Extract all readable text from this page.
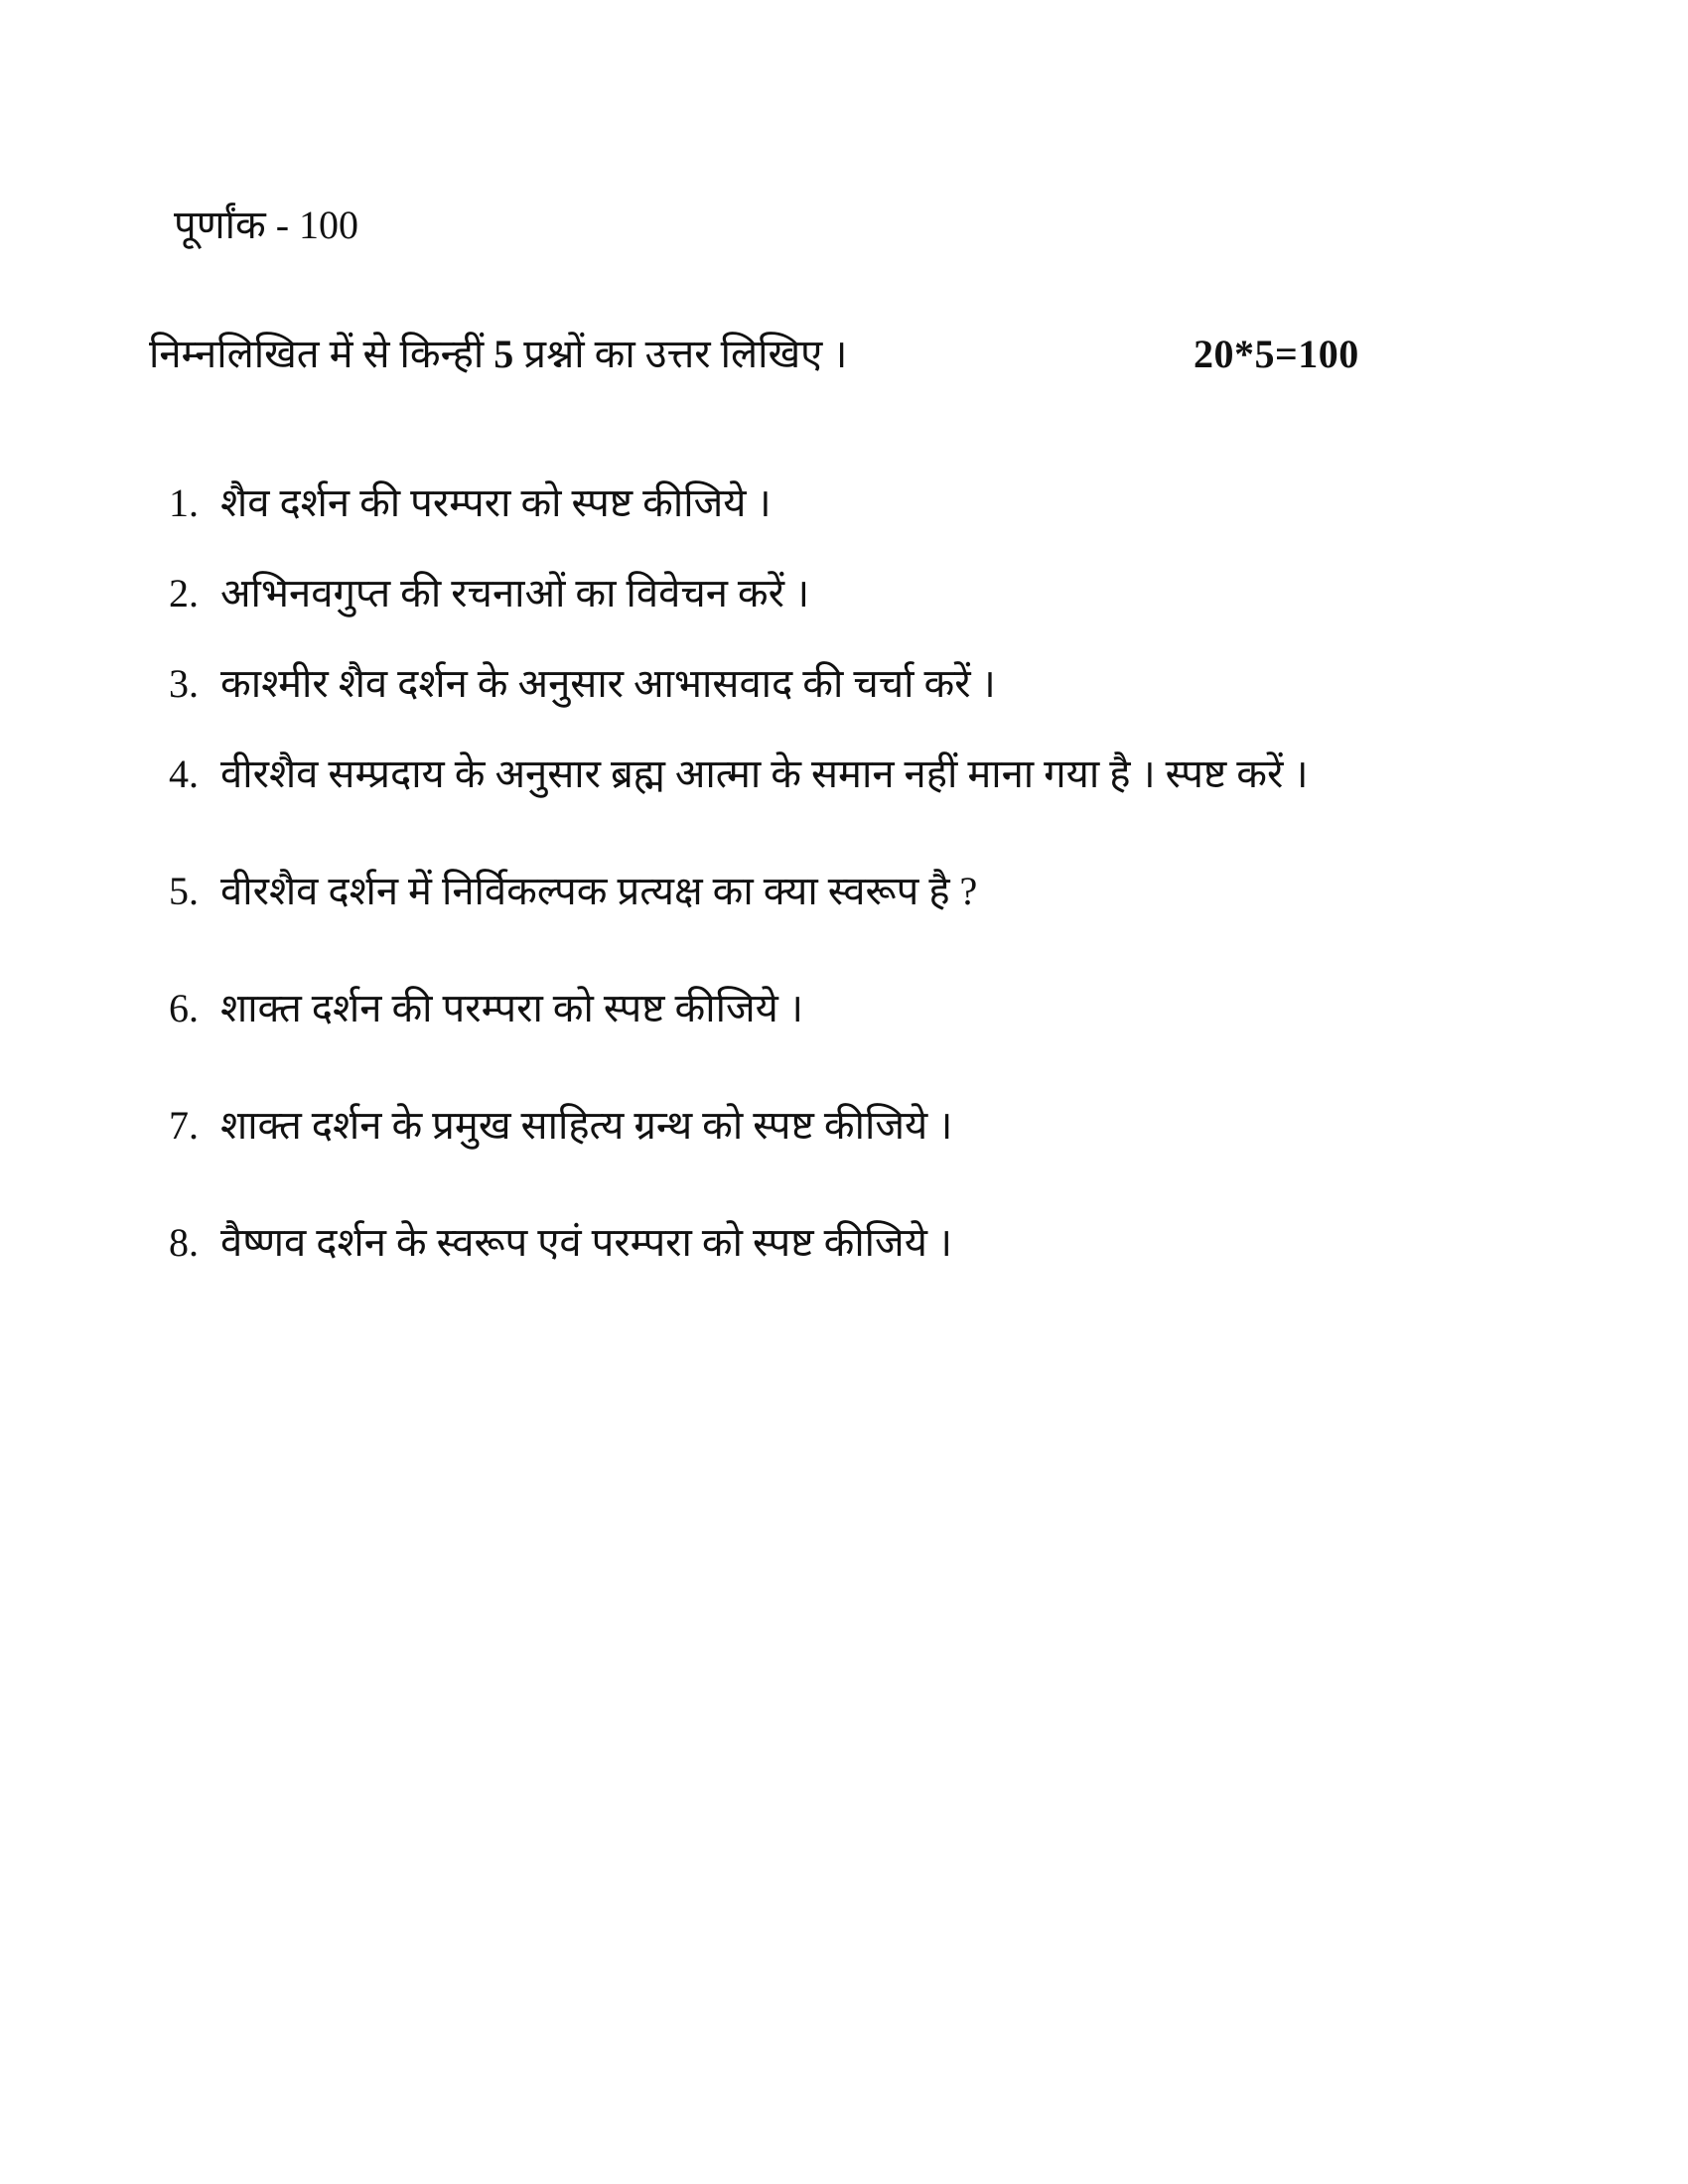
पूर्णांक - 100
निम्नलिखित में से किन्हीं 5 प्रश्नों का उत्तर लिखिए ।	20*5=100
1. शैव दर्शन की परम्परा को स्पष्ट कीजिये ।
2. अभिनवगुप्त की रचनाओं का विवेचन करें ।
3. काश्मीर शैव दर्शन के अनुसार आभासवाद की चर्चा करें ।
4. वीरशैव सम्प्रदाय के अनुसार ब्रह्म आत्मा के समान नहीं माना गया है । स्पष्ट करें ।
5. वीरशैव दर्शन में निर्विकल्पक प्रत्यक्ष का क्या स्वरूप है ?
6. शाक्त दर्शन की परम्परा को स्पष्ट कीजिये ।
7. शाक्त दर्शन के प्रमुख साहित्य ग्रन्थ को स्पष्ट कीजिये ।
8. वैष्णव दर्शन के स्वरूप एवं परम्परा को स्पष्ट कीजिये ।
